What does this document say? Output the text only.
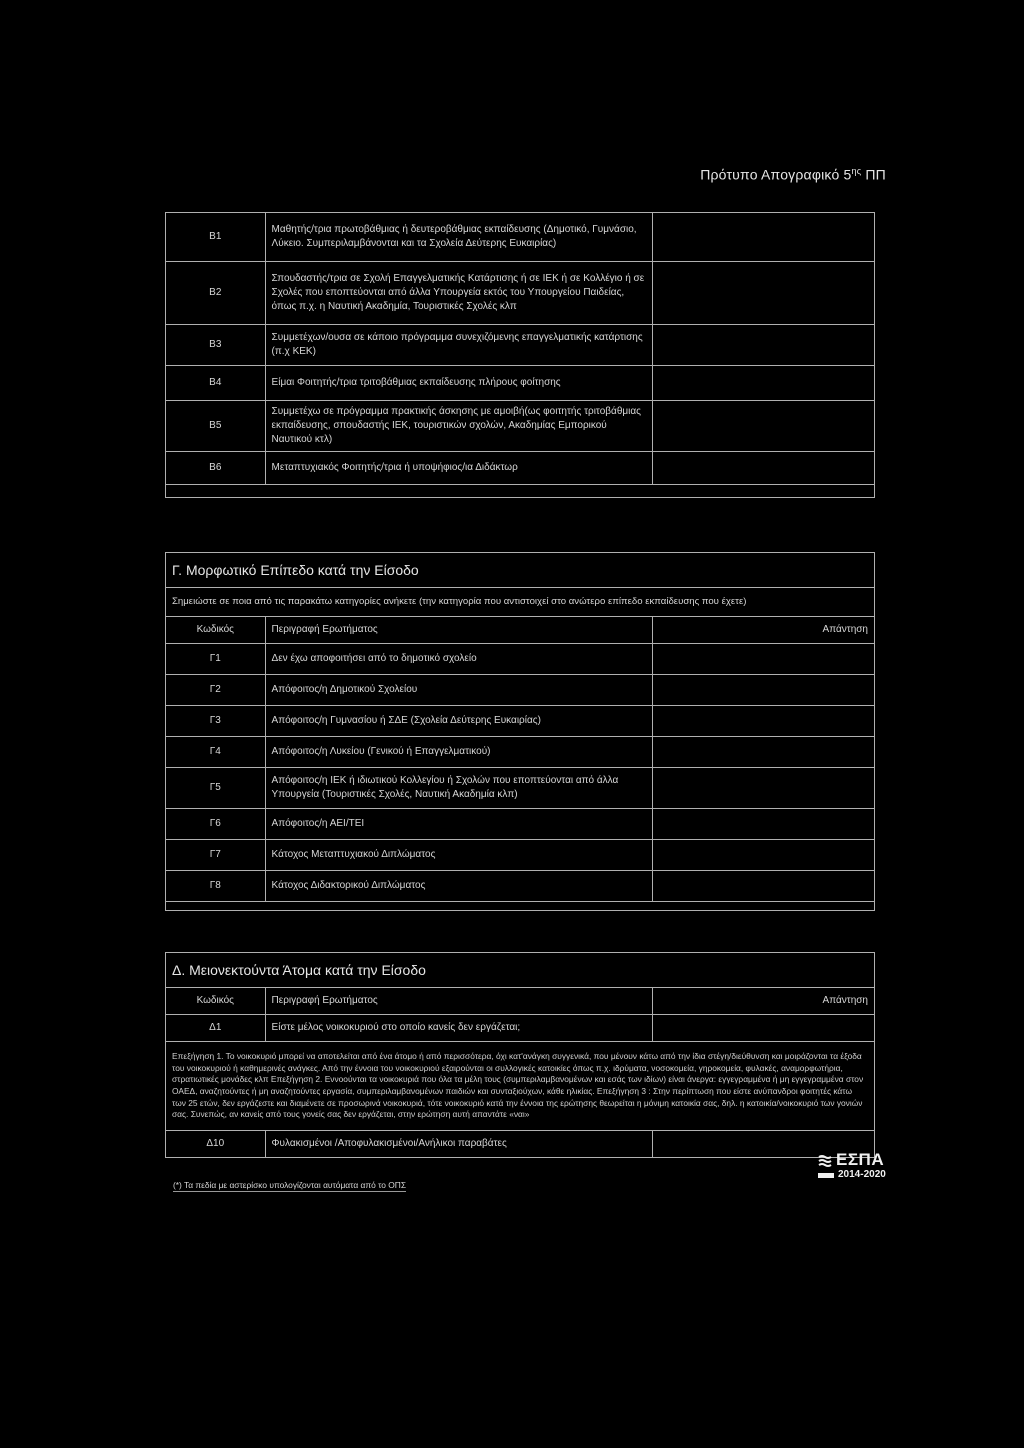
Πρότυπο Απογραφικό $5^{\eta\varsigma}$ ΠΠ
Β1	Μαθητής/τρια πρωτοβάθμιας ή δευτεροβάθμιας εκπαίδευσης (Δημοτικό, Γυμνάσιο, Λύκειο. Συμπεριλαμβάνονται και τα Σχολεία Δεύτερης Ευκαιρίας)	
Β2	Σπουδαστής/τρια σε Σχολή Επαγγελματικής Κατάρτισης ή σε ΙΕΚ ή σε Κολλέγιο ή σε Σχολές που εποπτεύονται από άλλα Υπουργεία εκτός του Υπουργείου Παιδείας, όπως π.χ. η Ναυτική Ακαδημία, Τουριστικές Σχολές κλπ	
Β3	Συμμετέχων/ουσα σε κάποιο πρόγραμμα συνεχιζόμενης επαγγελματικής κατάρτισης (π.χ ΚΕΚ)	
Β4	Είμαι Φοιτητής/τρια τριτοβάθμιας εκπαίδευσης πλήρους φοίτησης	
Β5	Συμμετέχω σε πρόγραμμα πρακτικής άσκησης με αμοιβή(ως φοιτητής τριτοβάθμιας εκπαίδευσης, σπουδαστής ΙΕΚ, τουριστικών σχολών, Ακαδημίας Εμπορικού Ναυτικού κτλ)	
Β6	Μεταπτυχιακός Φοιτητής/τρια ή υποψήφιος/ια Διδάκτωρ	

Γ. Μορφωτικό Επίπεδο κατά την Είσοδο		
Σημειώστε σε ποια από τις παρακάτω κατηγορίες ανήκετε (την κατηγορία που αντιστοιχεί στο ανώτερο επίπεδο εκπαίδευσης που έχετε)		
Κωδικός	Περιγραφή Ερωτήματος	Απάντηση
Γ1	Δεν έχω αποφοιτήσει από το δημοτικό σχολείο	
Γ2	Απόφοιτος/η Δημοτικού Σχολείου	
Γ3	Απόφοιτος/η Γυμνασίου ή ΣΔΕ (Σχολεία Δεύτερης Ευκαιρίας)	
Γ4	Απόφοιτος/η Λυκείου (Γενικού ή Επαγγελματικού)	
Γ5	Απόφοιτος/η ΙΕΚ ή ιδιωτικού Κολλεγίου ή Σχολών που εποπτεύονται από άλλα Υπουργεία (Τουριστικές Σχολές, Ναυτική Ακαδημία κλπ)	
Γ6	Απόφοιτος/η ΑΕΙ/ΤΕΙ	
Γ7	Κάτοχος Μεταπτυχιακού Διπλώματος	
Γ8	Κάτοχος Διδακτορικού Διπλώματος	

Δ. Μειονεκτούντα Άτομα κατά την Είσοδο		
Κωδικός	Περιγραφή Ερωτήματος	Απάντηση
Δ1	Είστε μέλος νοικοκυριού στο οποίο κανείς δεν εργάζεται;	
Επεξήγηση 1. Το νοικοκυριό μπορεί να αποτελείται από ένα άτομο ή από περισσότερα, όχι κατ'ανάγκη συγγενικά, που μένουν κάτω από την ίδια στέγη/διεύθυνση και μοιράζονται τα έξοδα του νοικοκυριού ή καθημερινές ανάγκες. Από την έννοια του νοικοκυριού εξαιρούνται οι συλλογικές κατοικίες όπως π.χ. ιδρύματα, νοσοκομεία, γηροκομεία, φυλακές, αναμορφωτήρια, στρατιωτικές μονάδες κλπ Επεξήγηση 2. Εννοούνται τα νοικοκυριά που όλα τα μέλη τους (συμπεριλαμβανομένων και εσάς των ιδίων) είναι άνεργα: εγγεγραμμένα ή μη εγγεγραμμένα στον ΟΑΕΔ, αναζητούντες ή μη αναζητούντες εργασία, συμπεριλαμβανομένων παιδιών και συνταξιούχων, κάθε ηλικίας. Επεξήγηση 3 : Στην περίπτωση που είστε ανύπανδροι φοιτητές κάτω των 25 ετών, δεν εργάζεστε και διαμένετε σε προσωρινά νοικοκυριά, τότε νοικοκυριό κατά την έννοια της ερώτησης θεωρείται η μόνιμη κατοικία σας, δηλ. η κατοικία/νοικοκυριό των γονιών σας. Συνεπώς, αν κανείς από τους γονείς σας δεν εργάζεται, στην ερώτηση αυτή απαντάτε «ναι»		
Δ10	Φυλακισμένοι /Αποφυλακισμένοι/Ανήλικοι παραβάτες	
ΕΣΠΑ
2014-2020
(*) Τα πεδία με αστερίσκο υπολογίζονται αυτόματα από το ΟΠΣ
